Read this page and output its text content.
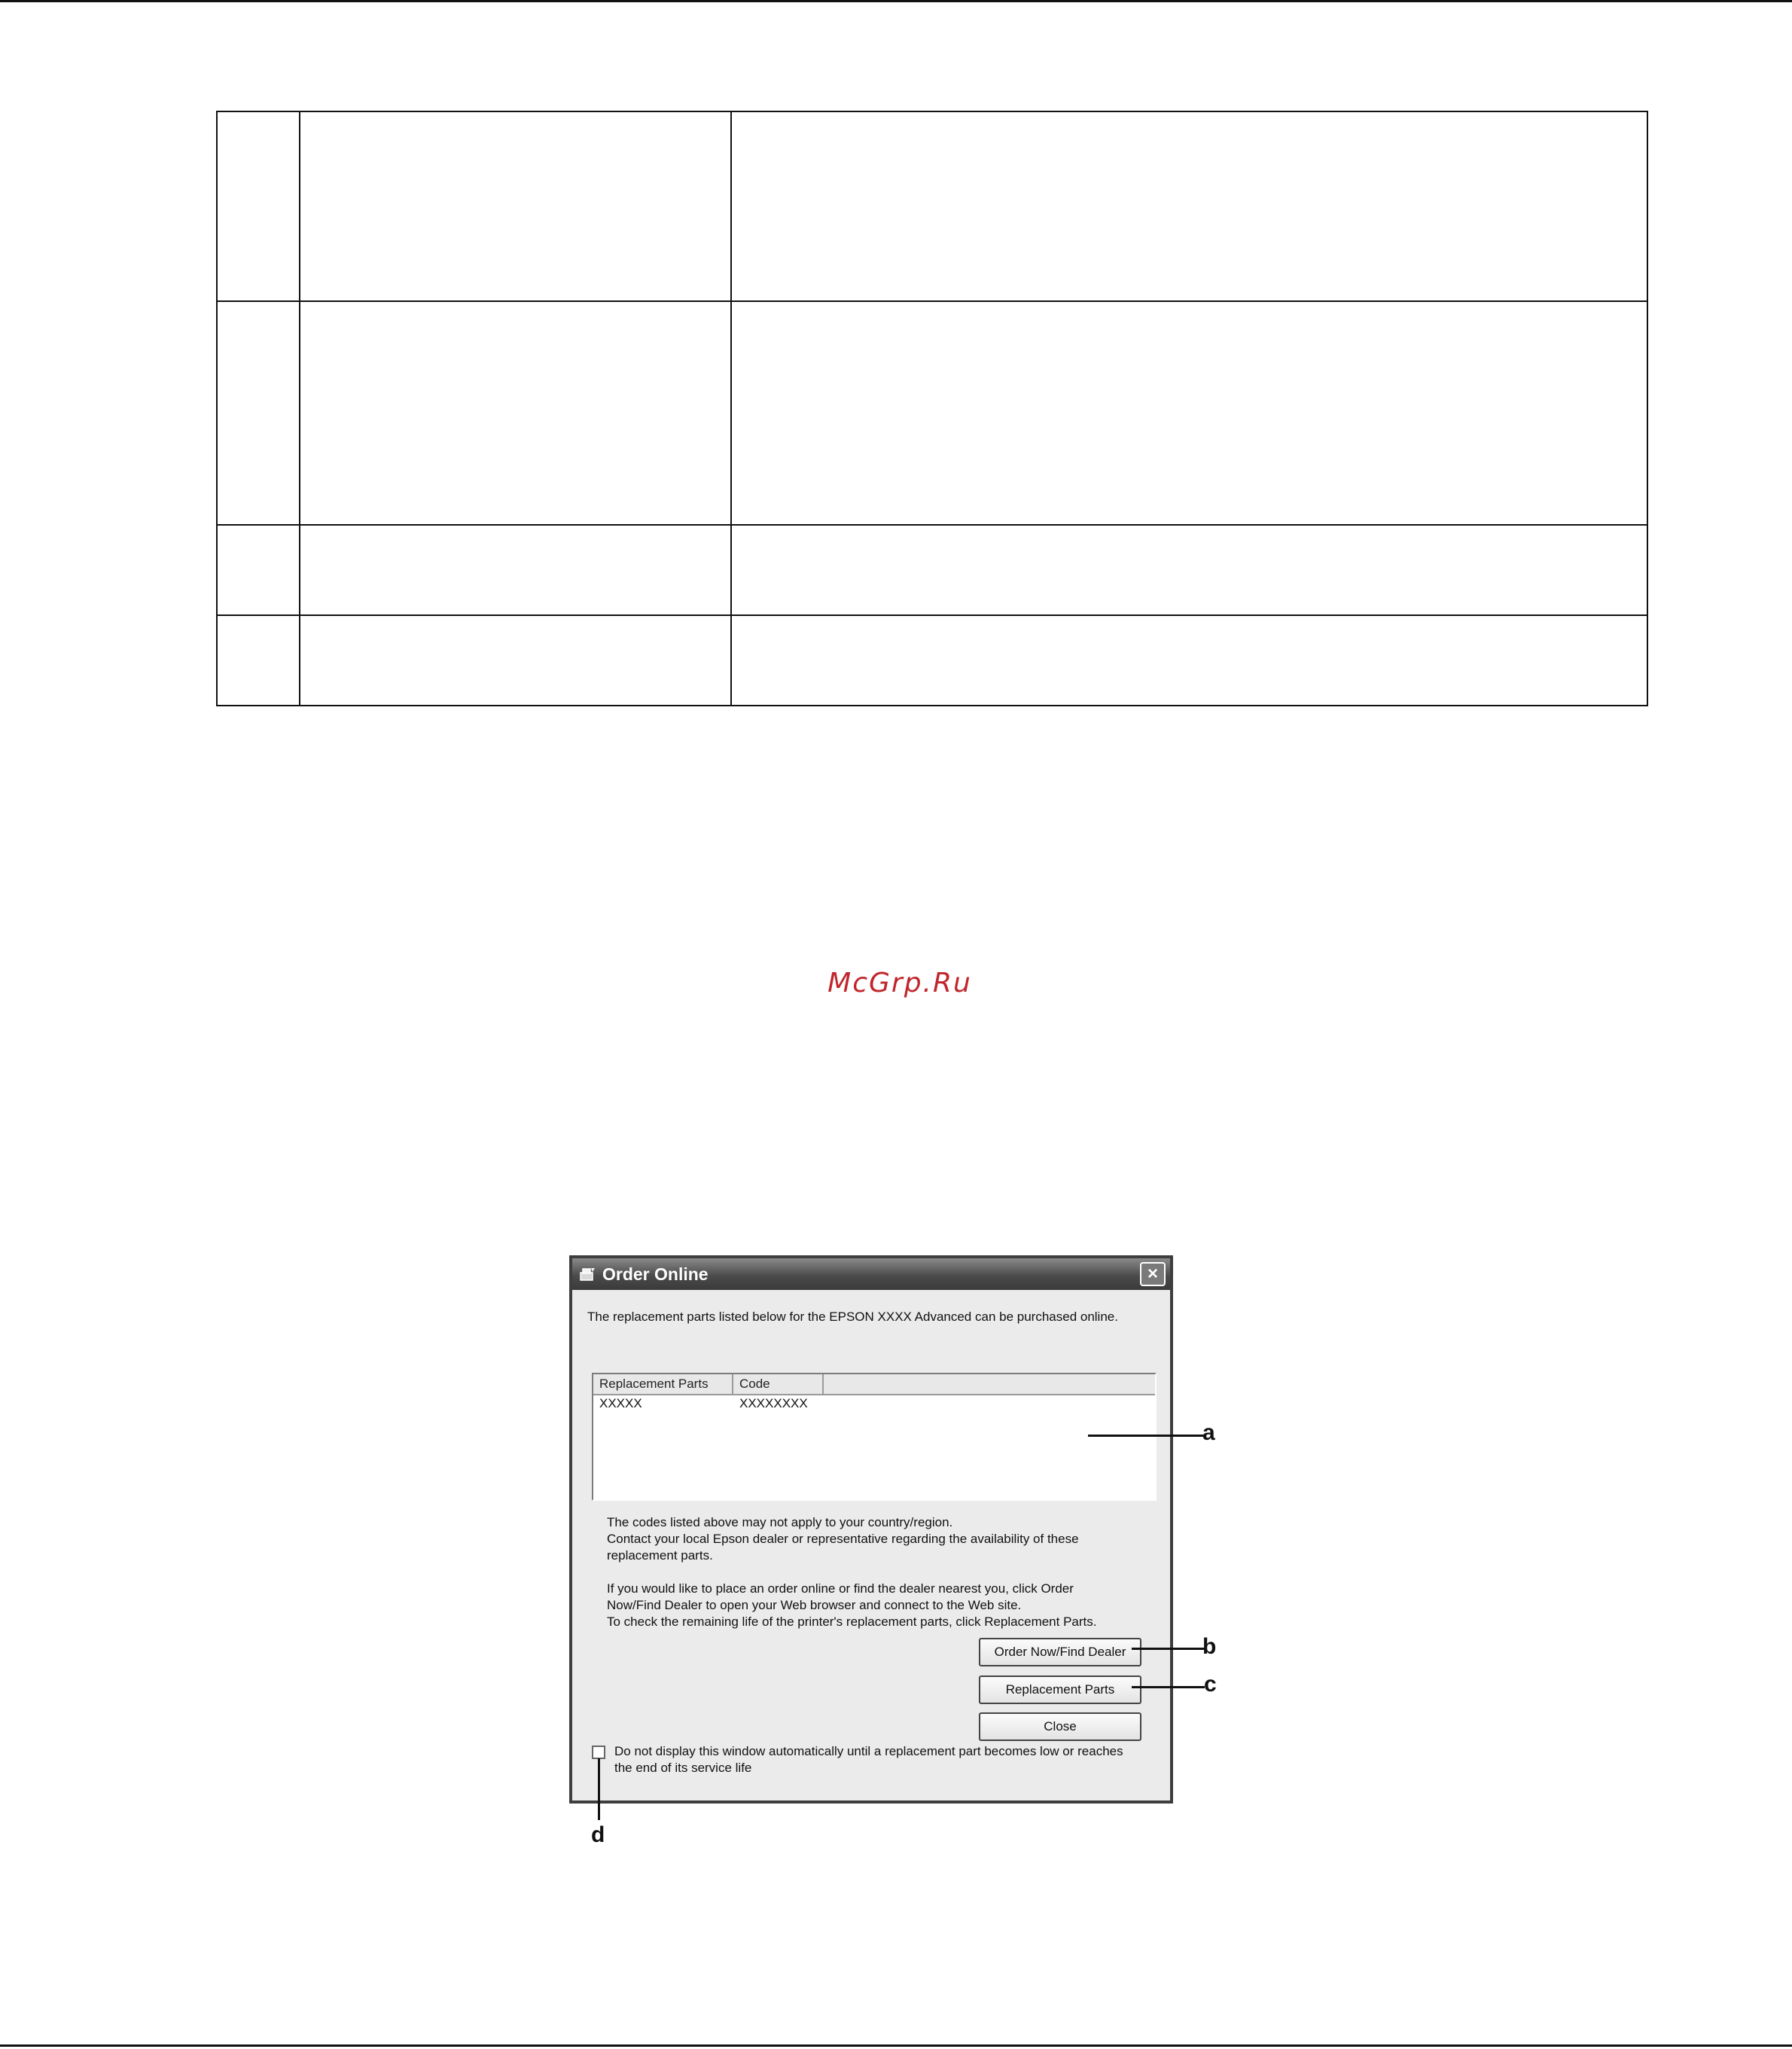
McGrp.Ru
Order Online	×
The replacement parts listed below for the EPSON XXXX Advanced can be purchased online.
Replacement Parts	Code
XXXXX	XXXXXXXX
The codes listed above may not apply to your country/region.
Contact your local Epson dealer or representative regarding the availability of these
replacement parts.
If you would like to place an order online or find the dealer nearest you, click Order
Now/Find Dealer to open your Web browser and connect to the Web site.
To check the remaining life of the printer's replacement parts, click Replacement Parts.
Order Now/Find Dealer
Replacement Parts
Close
Do not display this window automatically until a replacement part becomes low or reaches
the end of its service life
a
b
c
d
